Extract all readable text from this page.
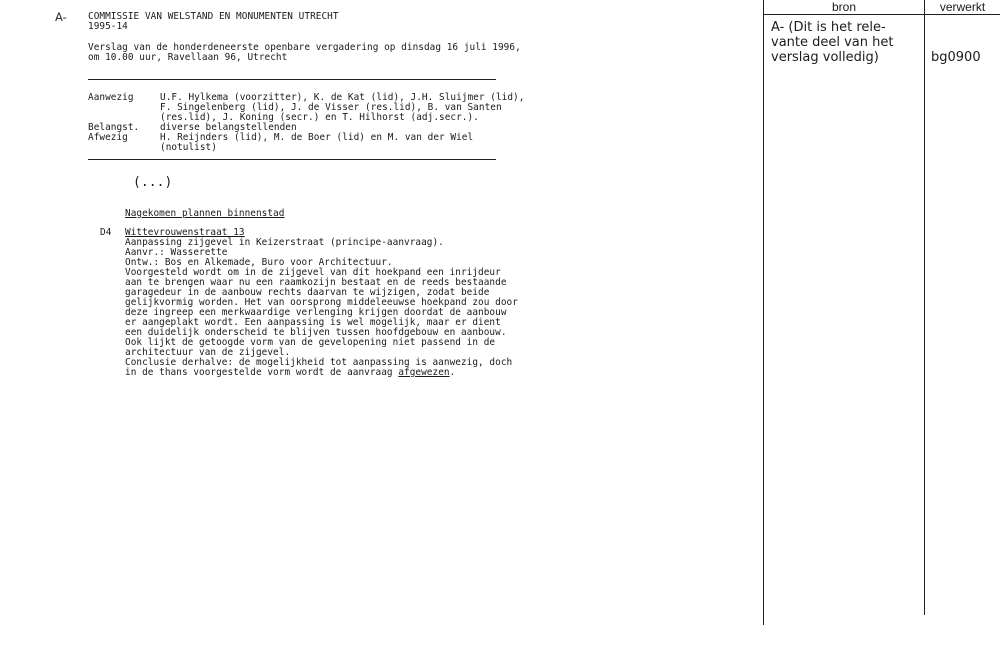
A- COMMISSIE VAN WELSTAND EN MONUMENTEN UTRECHT
1995-14
Verslag van de honderdeneerste openbare vergadering op dinsdag 16 juli 1996,
om 10.00 uur, Ravellaan 96, Utrecht
Aanwezig	U.F. Hylkema (voorzitter), K. de Kat (lid), J.H. Sluijmer (lid),
F. Singelenberg (lid), J. de Visser (res.lid), B. van Santen
(res.lid), J. Koning (secr.) en T. Hilhorst (adj.secr.).
Belangst. diverse belangstellenden
Afwezig	H. Reijnders (lid), M. de Boer (lid) en M. van der Wiel
(notulist)
(...)
Nagekomen plannen binnenstad
D4 Wittevrouwenstraat 13
Aanpassing zijgevel in Keizerstraat (principe-aanvraag).
Aanvr.: Wasserette
Ontw.: Bos en Alkemade, Buro voor Architectuur.
Voorgesteld wordt om in de zijgevel van dit hoekpand een inrijdeur
aan te brengen waar nu een raamkozijn bestaat en de reeds bestaande
garagedeur in de aanbouw rechts daarvan te wijzigen, zodat beide
gelijkvormig worden. Het van oorsprong middeleeuwse hoekpand zou door
deze ingreep een merkwaardige verlenging krijgen doordat de aanbouw
er aangeplakt wordt. Een aanpassing is wel mogelijk, maar er dient
een duidelijk onderscheid te blijven tussen hoofdgebouw en aanbouw.
Ook lijkt de getoogde vorm van de gevelopening niet passend in de
architectuur van de zijgevel.
Conclusie derhalve: de mogelijkheid tot aanpassing is aanwezig, doch
in de thans voorgestelde vorm wordt de aanvraag afgewezen.
bron	verwerkt
A- (Dit is het rele-
vante deel van het
verslag volledig)	bg0900
